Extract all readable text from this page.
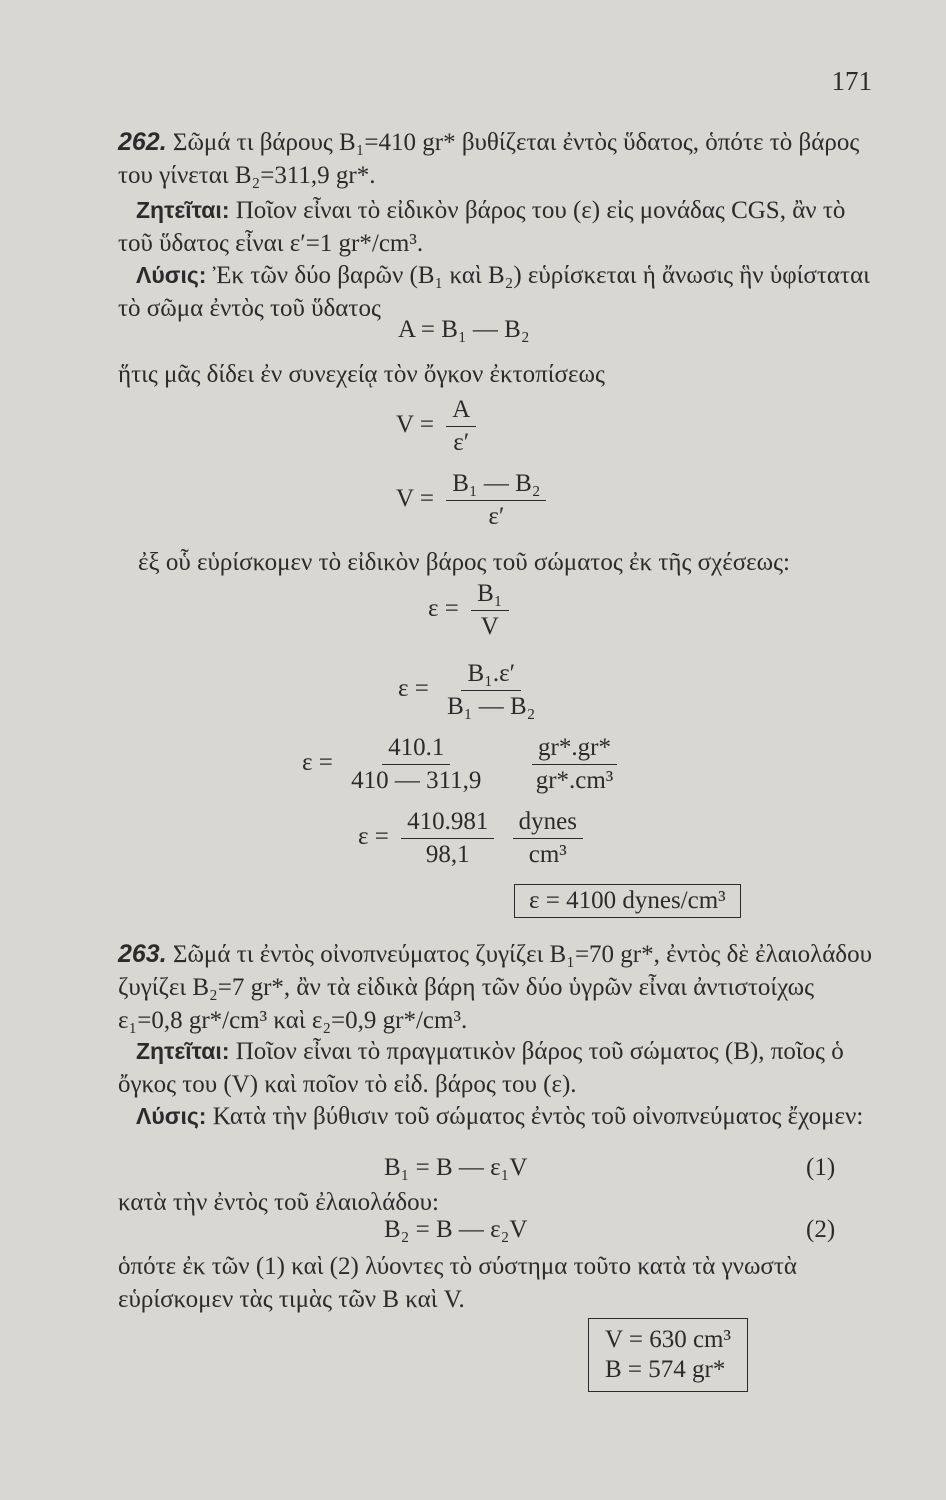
171
262. Σῶμά τι βάρους B₁=410 gr* βυθίζεται ἐντὸς ὕδατος, ὁπότε τὸ βάρος του γίνεται B₂=311,9 gr*.
Ζητεῖται: Ποῖον εἶναι τὸ εἰδικὸν βάρος του (ε) εἰς μονάδας CGS, ἂν τὸ τοῦ ὕδατος εἶναι ε′=1 gr*/cm³.
Λύσις: Ἐκ τῶν δύο βαρῶν (B₁ καὶ B₂) εὑρίσκεται ἡ ἄνωσις ἣν ὑφίσταται τὸ σῶμα ἐντὸς τοῦ ὕδατος
A = B₁ — B₂
ἥτις μᾶς δίδει ἐν συνεχείᾳ τὸν ὄγκον ἐκτοπίσεως
$V = \frac{A}{\varepsilon'}$
$V = \frac{\text{B₁ — B₂}}{\varepsilon'}$
ἐξ οὗ εὑρίσκομεν τὸ εἰδικὸν βάρος τοῦ σώματος ἐκ τῆς σχέσεως:
$\varepsilon = \frac{\text{B₁}}{V}$
$\varepsilon = \frac{\text{B₁.ε′}}{\text{B₁ — B₂}}$
$\varepsilon = \frac{410.1}{410 — 311,9}$
$\frac{gr*.gr*}{\text{gr*.cm³}}$
$\varepsilon = \frac{410.981}{98,1}$
$\frac{\text{dynes}}{\text{cm³}}$
ε = 4100 dynes/cm³
263. Σῶμά τι ἐντὸς οἰνοπνεύματος ζυγίζει B₁=70 gr*, ἐντὸς δὲ ἐλαιολάδου ζυγίζει B₂=7 gr*, ἂν τὰ εἰδικὰ βάρη τῶν δύο ὑγρῶν εἶναι ἀντιστοίχως ε₁=0,8 gr*/cm³ καὶ ε₂=0,9 gr*/cm³.
Ζητεῖται: Ποῖον εἶναι τὸ πραγματικὸν βάρος τοῦ σώματος (B), ποῖος ὁ ὄγκος του (V) καὶ ποῖον τὸ εἰδ. βάρος του (ε).
Λύσις: Κατὰ τὴν βύθισιν τοῦ σώματος ἐντὸς τοῦ οἰνοπνεύματος ἔχομεν:
B₁ = B — ε₁V	(1)
κατὰ τὴν ἐντὸς τοῦ ἐλαιολάδου:
B₂ = B — ε₂V	(2)
ὁπότε ἐκ τῶν (1) καὶ (2) λύοντες τὸ σύστημα τοῦτο κατὰ τὰ γνωστὰ εὑρίσκομεν τὰς τιμὰς τῶν B καὶ V.
V = 630 cm³
B = 574 gr*
